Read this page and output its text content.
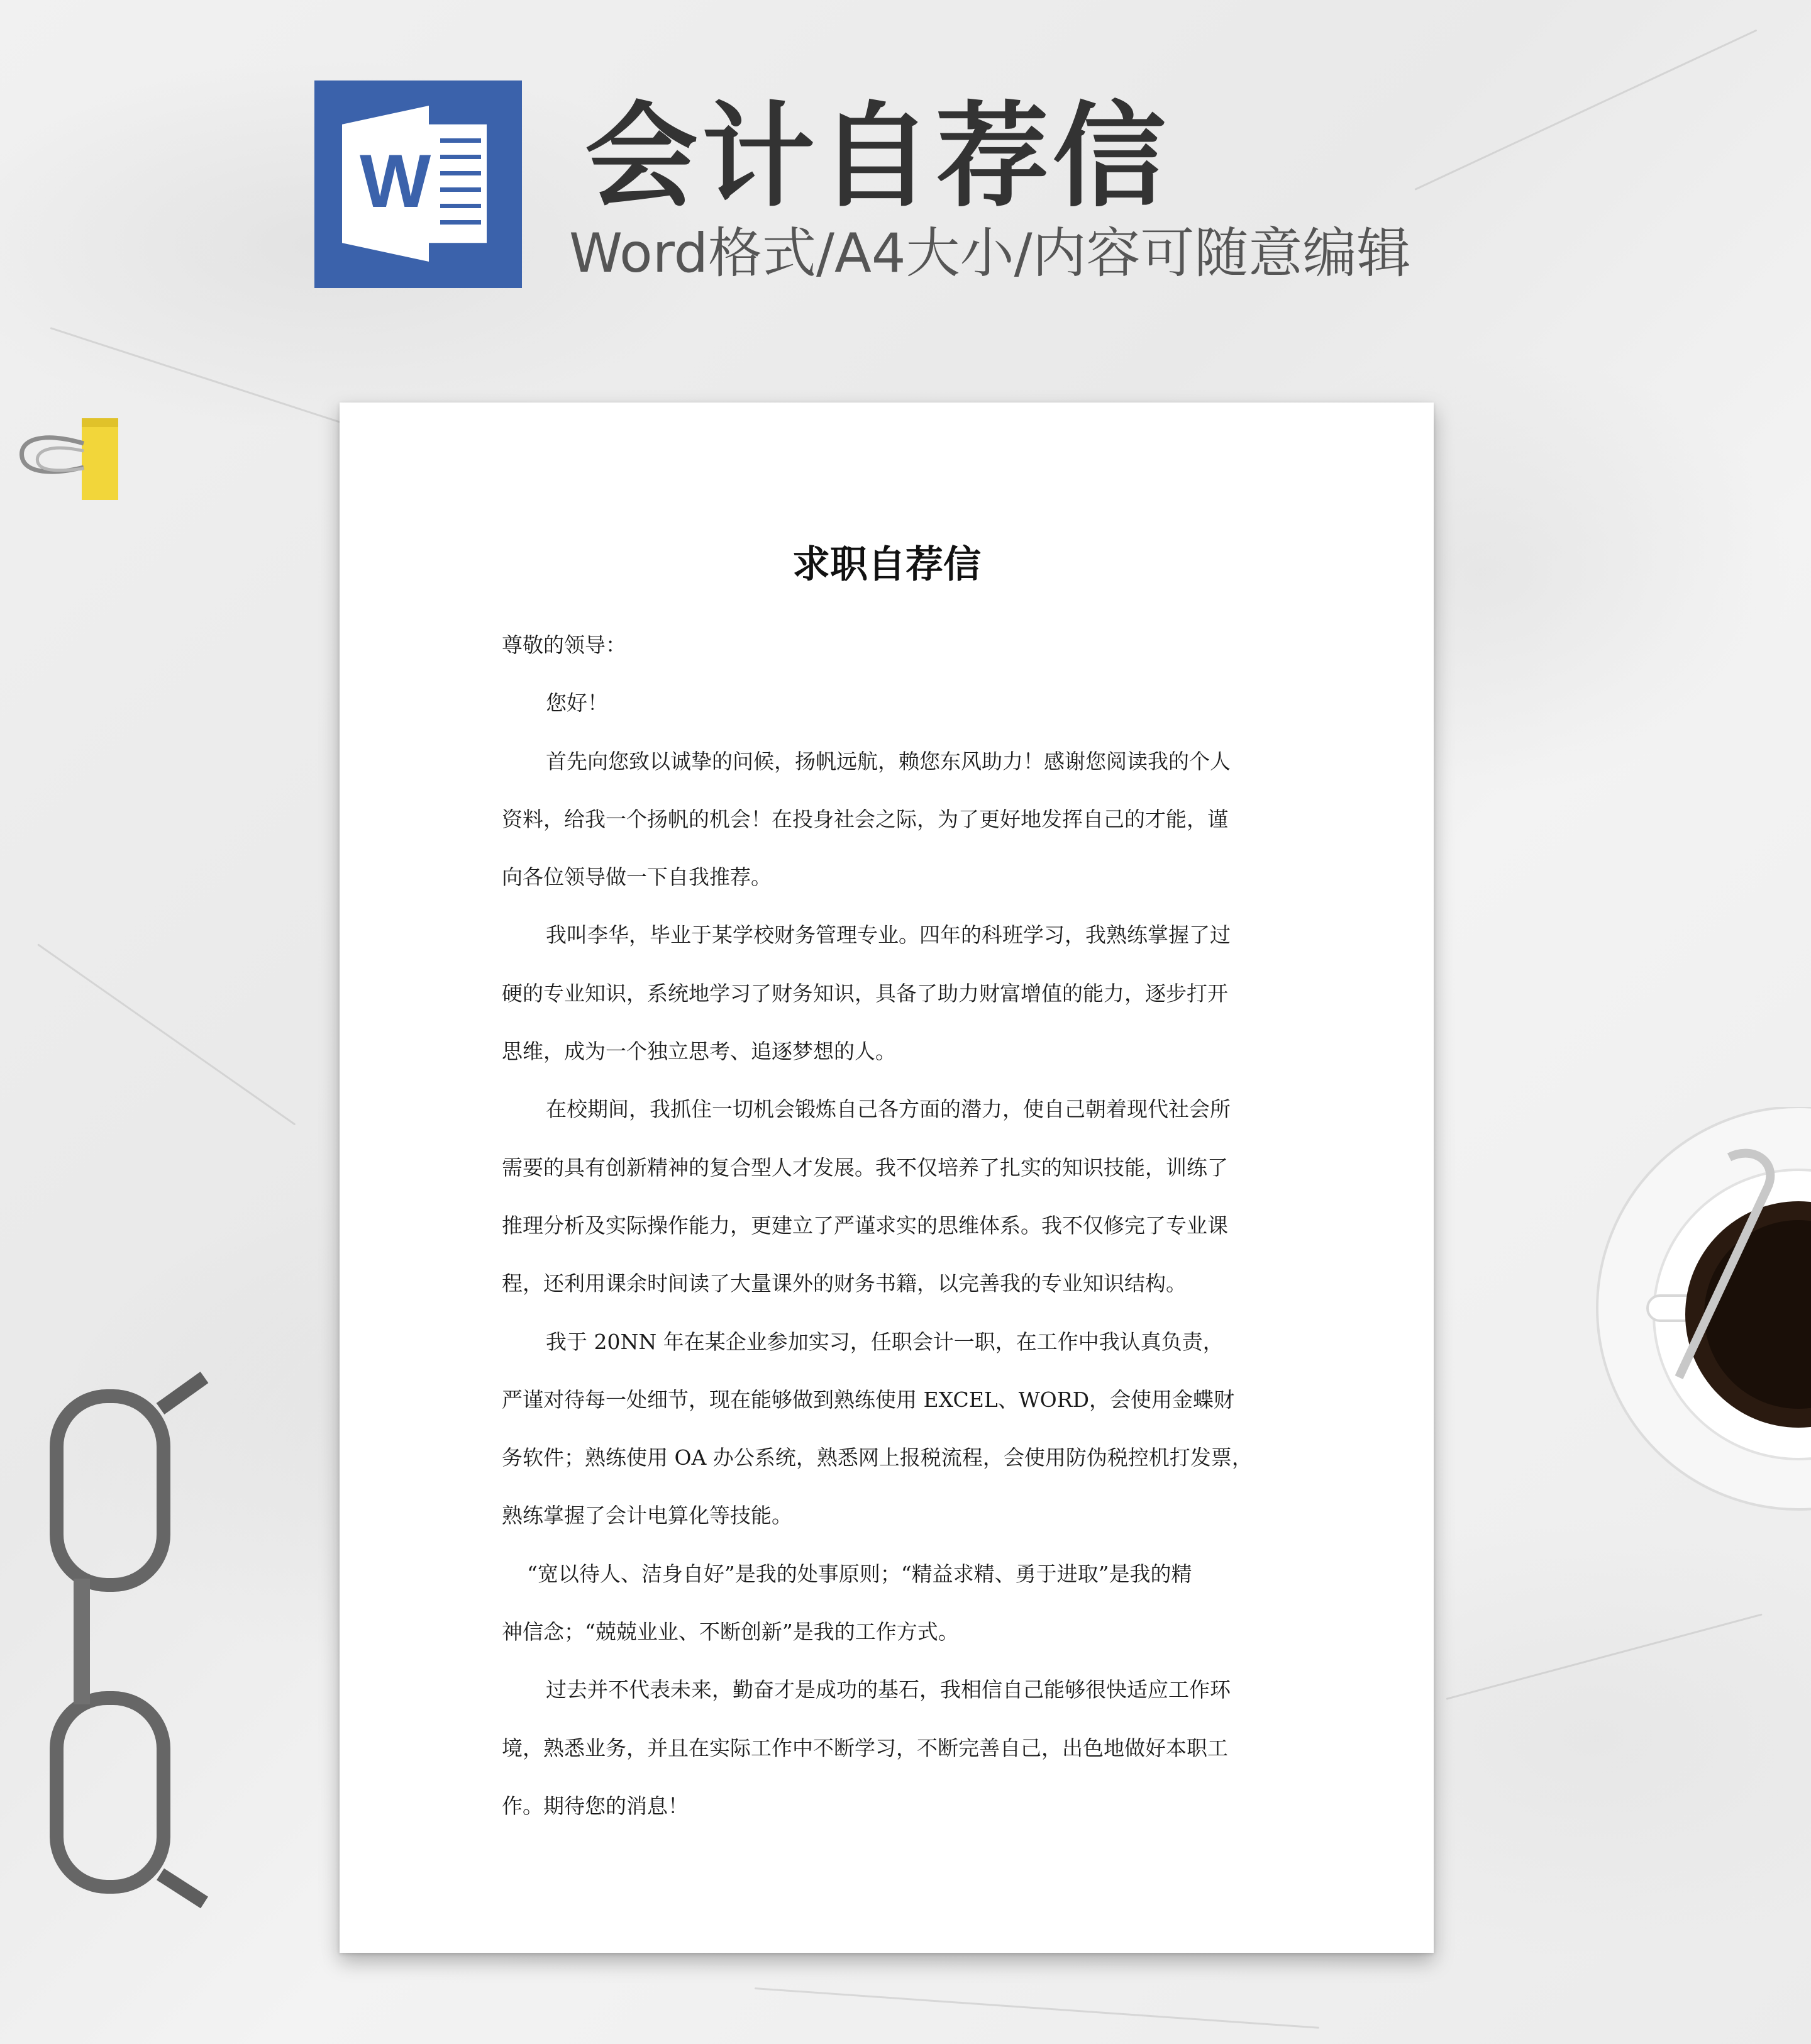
W 会计自荐信
Word格式/A4大小/内容可随意编辑
求职自荐信
尊敬的领导：
您好！
首先向您致以诚挚的问候，扬帆远航，赖您东风助力！感谢您阅读我的个人
资料，给我一个扬帆的机会！在投身社会之际，为了更好地发挥自己的才能，谨
向各位领导做一下自我推荐。
我叫李华，毕业于某学校财务管理专业。四年的科班学习，我熟练掌握了过
硬的专业知识，系统地学习了财务知识，具备了助力财富增值的能力，逐步打开
思维，成为一个独立思考、追逐梦想的人。
在校期间，我抓住一切机会锻炼自己各方面的潜力，使自己朝着现代社会所
需要的具有创新精神的复合型人才发展。我不仅培养了扎实的知识技能，训练了
推理分析及实际操作能力，更建立了严谨求实的思维体系。我不仅修完了专业课
程，还利用课余时间读了大量课外的财务书籍，以完善我的专业知识结构。
我于 20NN 年在某企业参加实习，任职会计一职，在工作中我认真负责，
严谨对待每一处细节，现在能够做到熟练使用 EXCEL、WORD，会使用金蝶财
务软件；熟练使用 OA 办公系统，熟悉网上报税流程，会使用防伪税控机打发票，
熟练掌握了会计电算化等技能。
“宽以待人、洁身自好”是我的处事原则；“精益求精、勇于进取”是我的精
神信念；“兢兢业业、不断创新”是我的工作方式。
过去并不代表未来，勤奋才是成功的基石，我相信自己能够很快适应工作环
境，熟悉业务，并且在实际工作中不断学习，不断完善自己，出色地做好本职工
作。期待您的消息！
